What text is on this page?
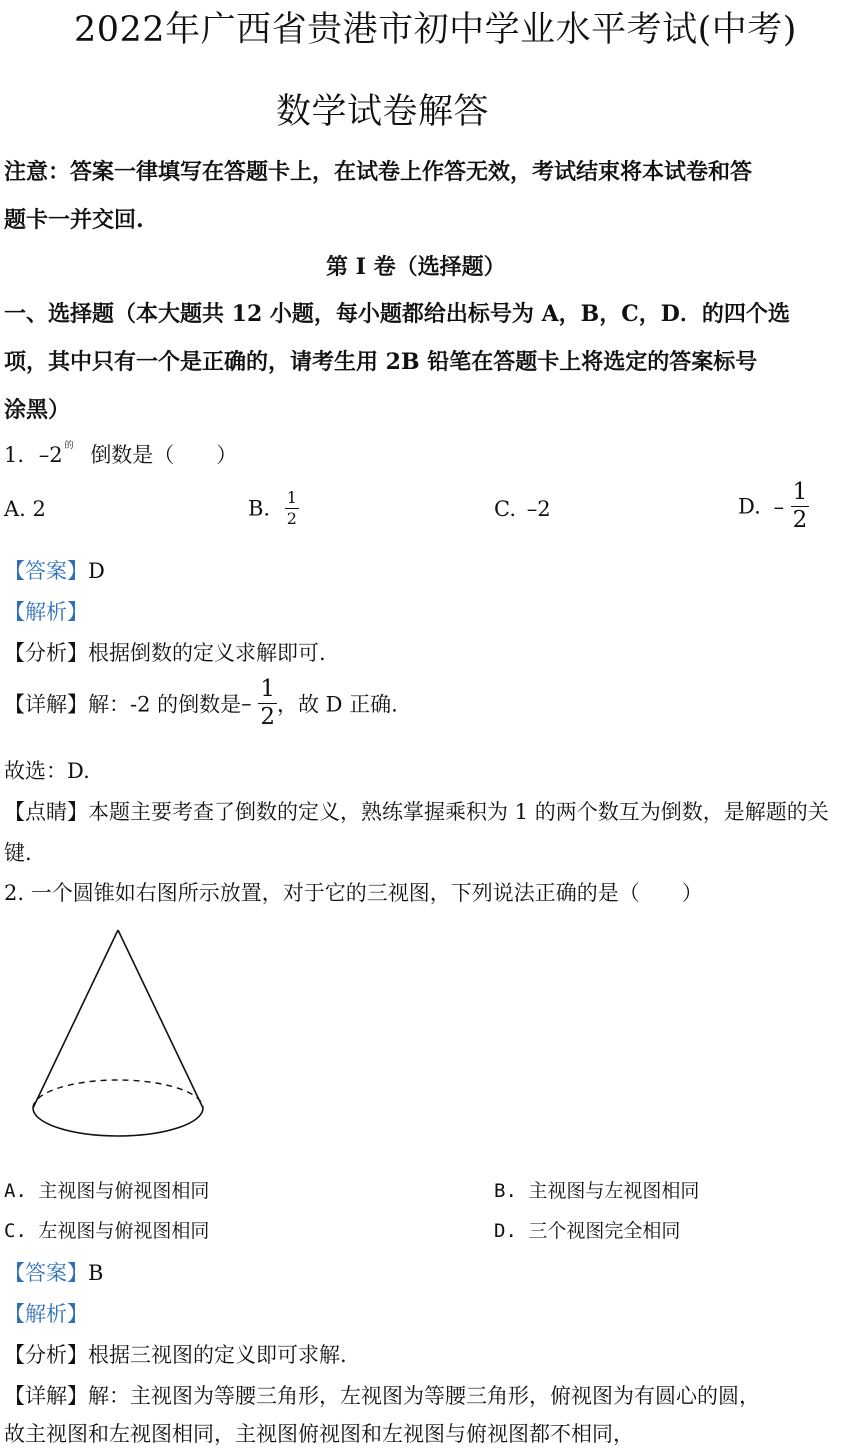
2022年广西省贵港市初中学业水平考试(中考)
数学试卷解答
注意：答案一律填写在答题卡上，在试卷上作答无效，考试结束将本试卷和答
题卡一并交回.
第 I 卷（选择题）
一、选择题（本大题共 12 小题，每小题都给出标号为 A，B，C，D．的四个选
项，其中只有一个是正确的，请考生用 2B 铅笔在答题卡上将选定的答案标号
涂黑）
1. –2 $^的$ 倒数是（　　）
A. 2	B. $\frac{1}{2}$	C. –2	D. – $\frac{1}{2}$
【答案】D
【解析】
【分析】根据倒数的定义求解即可.
【详解】解：-2 的倒数是– $\frac{1}{2}$ ，故 D 正确.
故选：D.
【点睛】本题主要考查了倒数的定义，熟练掌握乘积为 1 的两个数互为倒数，是解题的关
键.
2. 一个圆锥如右图所示放置，对于它的三视图，下列说法正确的是（　　）
A. 主视图与俯视图相同	B. 主视图与左视图相同
C. 左视图与俯视图相同	D. 三个视图完全相同
【答案】B
【解析】
【分析】根据三视图的定义即可求解.
【详解】解：主视图为等腰三角形，左视图为等腰三角形，俯视图为有圆心的圆，
故主视图和左视图相同，主视图俯视图和左视图与俯视图都不相同，
